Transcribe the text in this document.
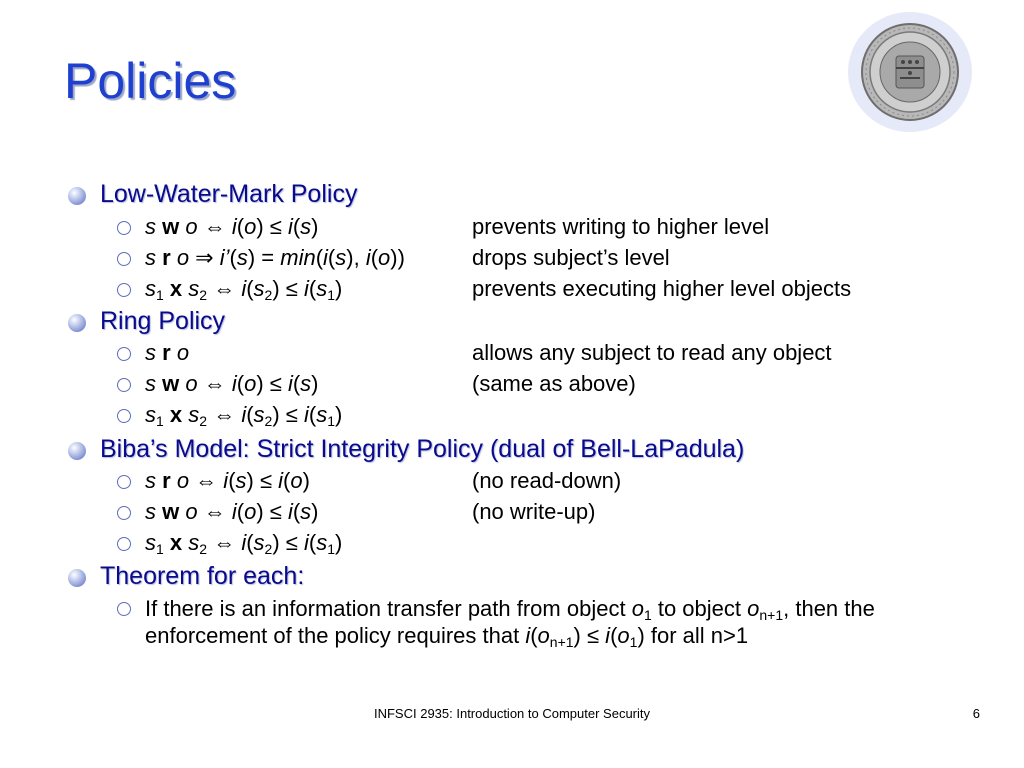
Policies
Low-Water-Mark Policy
s w o ⇔ i(o) ≤ i(s)	prevents writing to higher level
s r o ⇒ i’(s) = min(i(s), i(o))	drops subject’s level
$s_1$ x $s_2$ ⇔ $i(s_2) \le i(s_1)$	prevents executing higher level objects
Ring Policy
s r o	allows any subject to read any object
s w o ⇔ i(o) ≤ i(s)	(same as above)
$s_1$ x $s_2$ ⇔ $i(s_2) \le i(s_1)$
Biba’s Model: Strict Integrity Policy (dual of Bell-LaPadula)
s r o ⇔ i(s) ≤ i(o)	(no read-down)
s w o ⇔ i(o) ≤ i(s)	(no write-up)
$s_1$ x $s_2$ ⇔ $i(s_2) \le i(s_1)$
Theorem for each:
If there is an information transfer path from object $o_1$ to object $o_{n+1}$, then the enforcement of the policy requires that $i(o_{n+1}) \le i(o_1)$ for all n>1
INFSCI 2935: Introduction to Computer Security	6
